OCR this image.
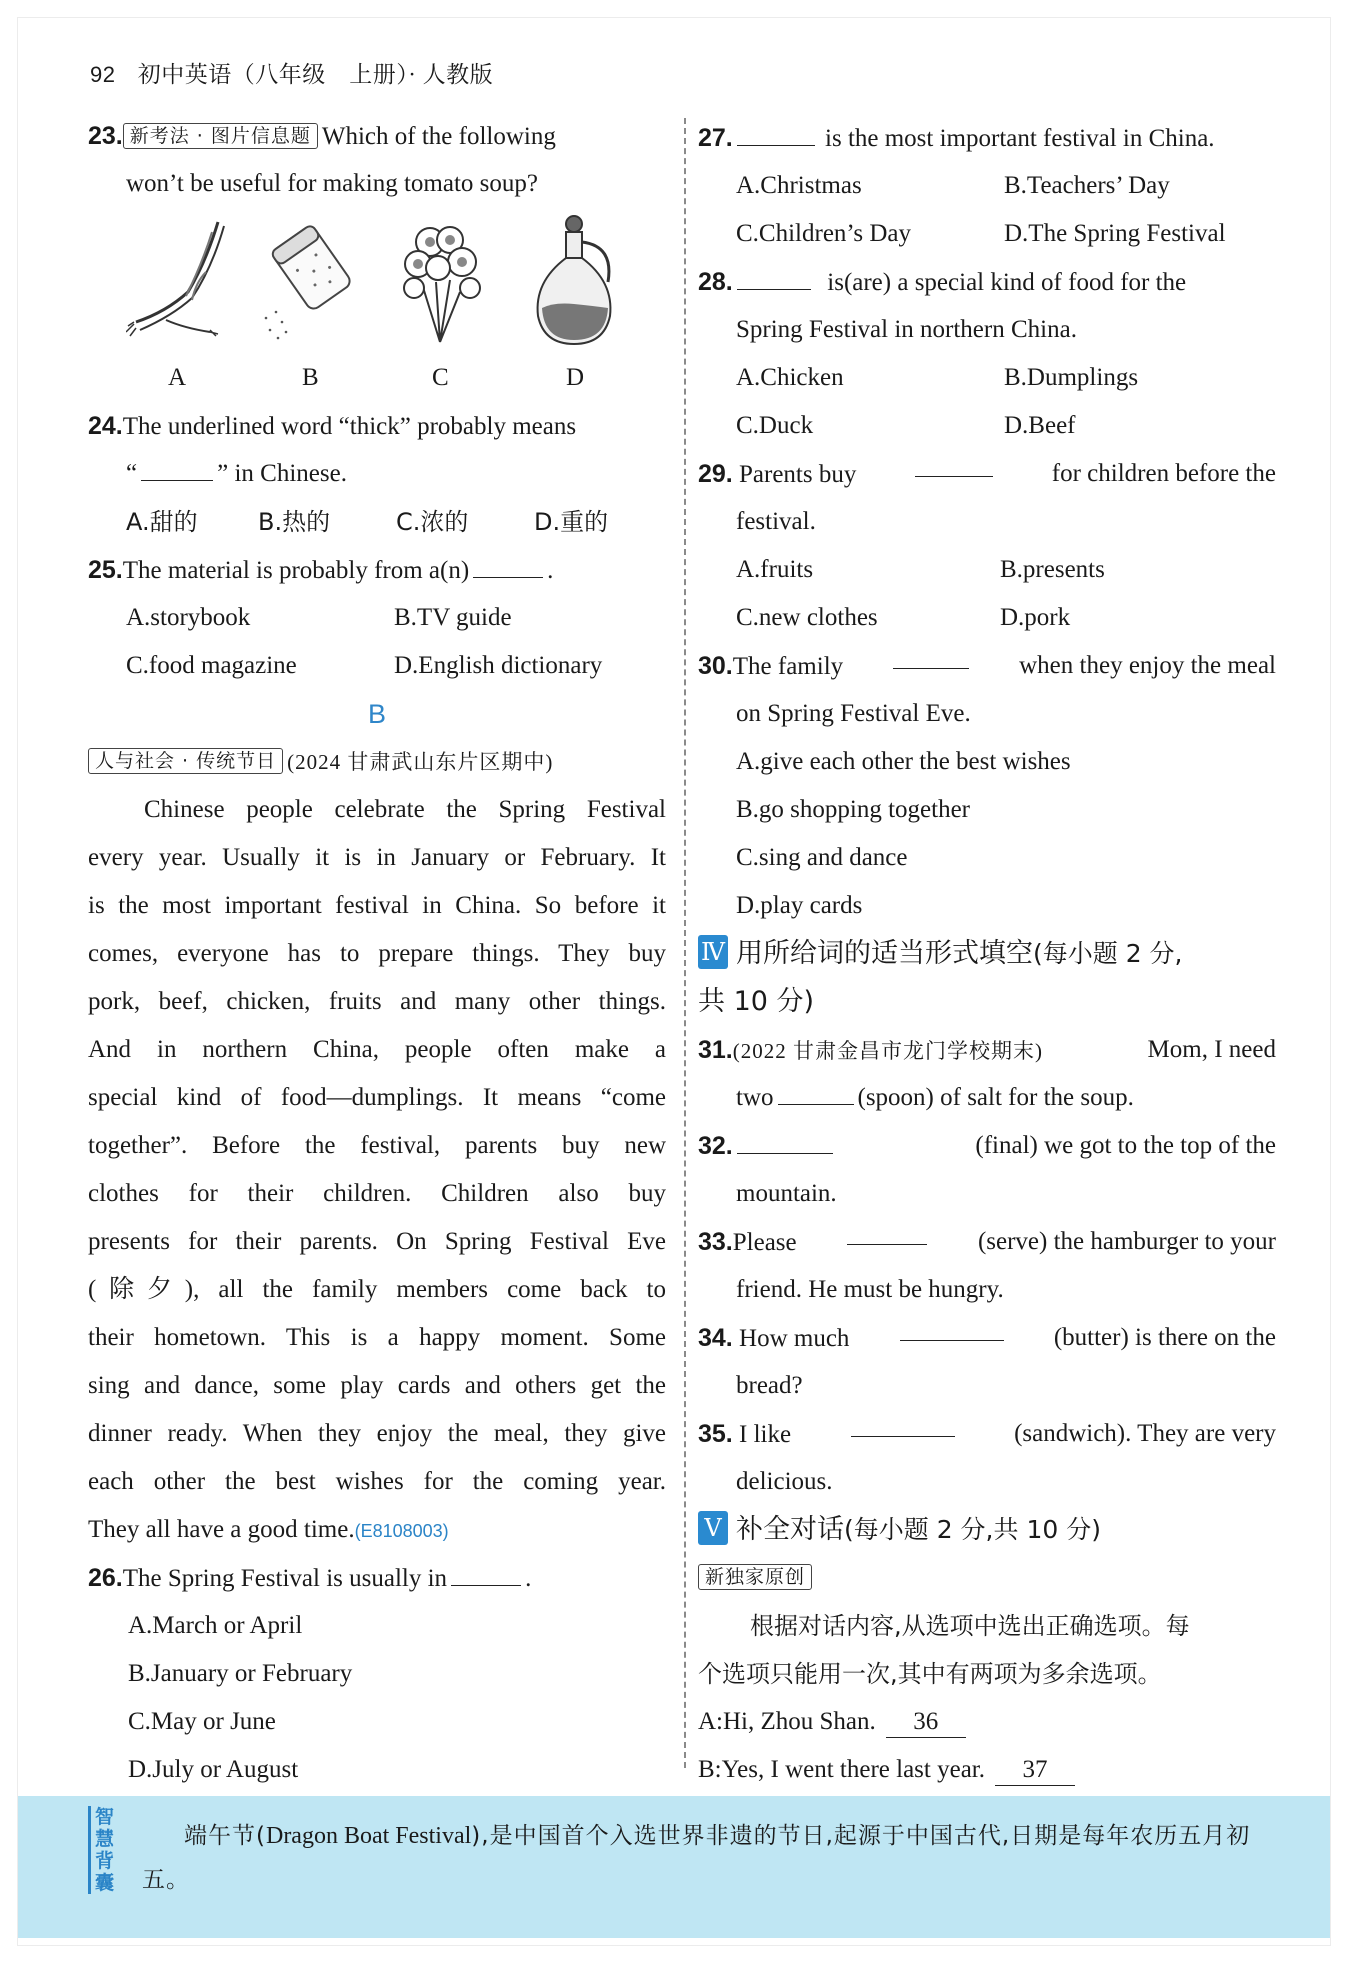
92 初中英语（八年级　上册）· 人教版
23. 新考法 · 图片信息题 Which of the following
won’t be useful for making tomato soup?
A	B	C	D
24.The underlined word “thick” probably means
“	” in Chinese.
A.甜的	B.热的	C.浓的	D.重的
25.The material is probably from a(n)	.
A.storybook	B.TV guide
C.food magazine	D.English dictionary
B
人与社会 · 传统节日 (2024 甘肃武山东片区期中)
Chinese people celebrate the Spring Festival
every year. Usually it is in January or February. It
is the most important festival in China. So before it
comes, everyone has to prepare things. They buy
pork, beef, chicken, fruits and many other things.
And in northern China, people often make a
special kind of food—dumplings. It means “come
together”. Before the festival, parents buy new
clothes for their children. Children also buy
presents for their parents. On Spring Festival Eve
(除夕), all the family members come back to
their hometown. This is a happy moment. Some
sing and dance, some play cards and others get the
dinner ready. When they enjoy the meal, they give
each other the best wishes for the coming year.
They all have a good time.(E8108003)
26.The Spring Festival is usually in	.
A.March or April
B.January or February
C.May or June
D.July or August
27.	is the most important festival in China.
A.Christmas	B.Teachers’ Day
C.Children’s Day	D.The Spring Festival
28.	is(are) a special kind of food for the
Spring Festival in northern China.
A.Chicken	B.Dumplings
C.Duck	D.Beef
29. Parents buy	for children before the
festival.
A.fruits	B.presents
C.new clothes	D.pork
30.The family	when they enjoy the meal
on Spring Festival Eve.
A.give each other the best wishes
B.go shopping together
C.sing and dance
D.play cards
Ⅳ 用所给词的适当形式填空(每小题 2 分,
共 10 分)
31.(2022 甘肃金昌市龙门学校期末)	Mom, I need
two	(spoon) of salt for the soup.
32.	(final) we got to the top of the
mountain.
33.Please	(serve) the hamburger to your
friend. He must be hungry.
34. How much	(butter) is there on the
bread?
35. I like	(sandwich). They are very
delicious.
Ⅴ 补全对话(每小题 2 分,共 10 分)
新独家原创
根据对话内容,从选项中选出正确选项。每
个选项只能用一次,其中有两项为多余选项。
A:Hi, Zhou Shan. 36
B:Yes, I went there last year. 37
智慧背囊
端午节(Dragon Boat Festival),是中国首个入选世界非遗的节日,起源于中国古代,日期是每年农历五月初五。
